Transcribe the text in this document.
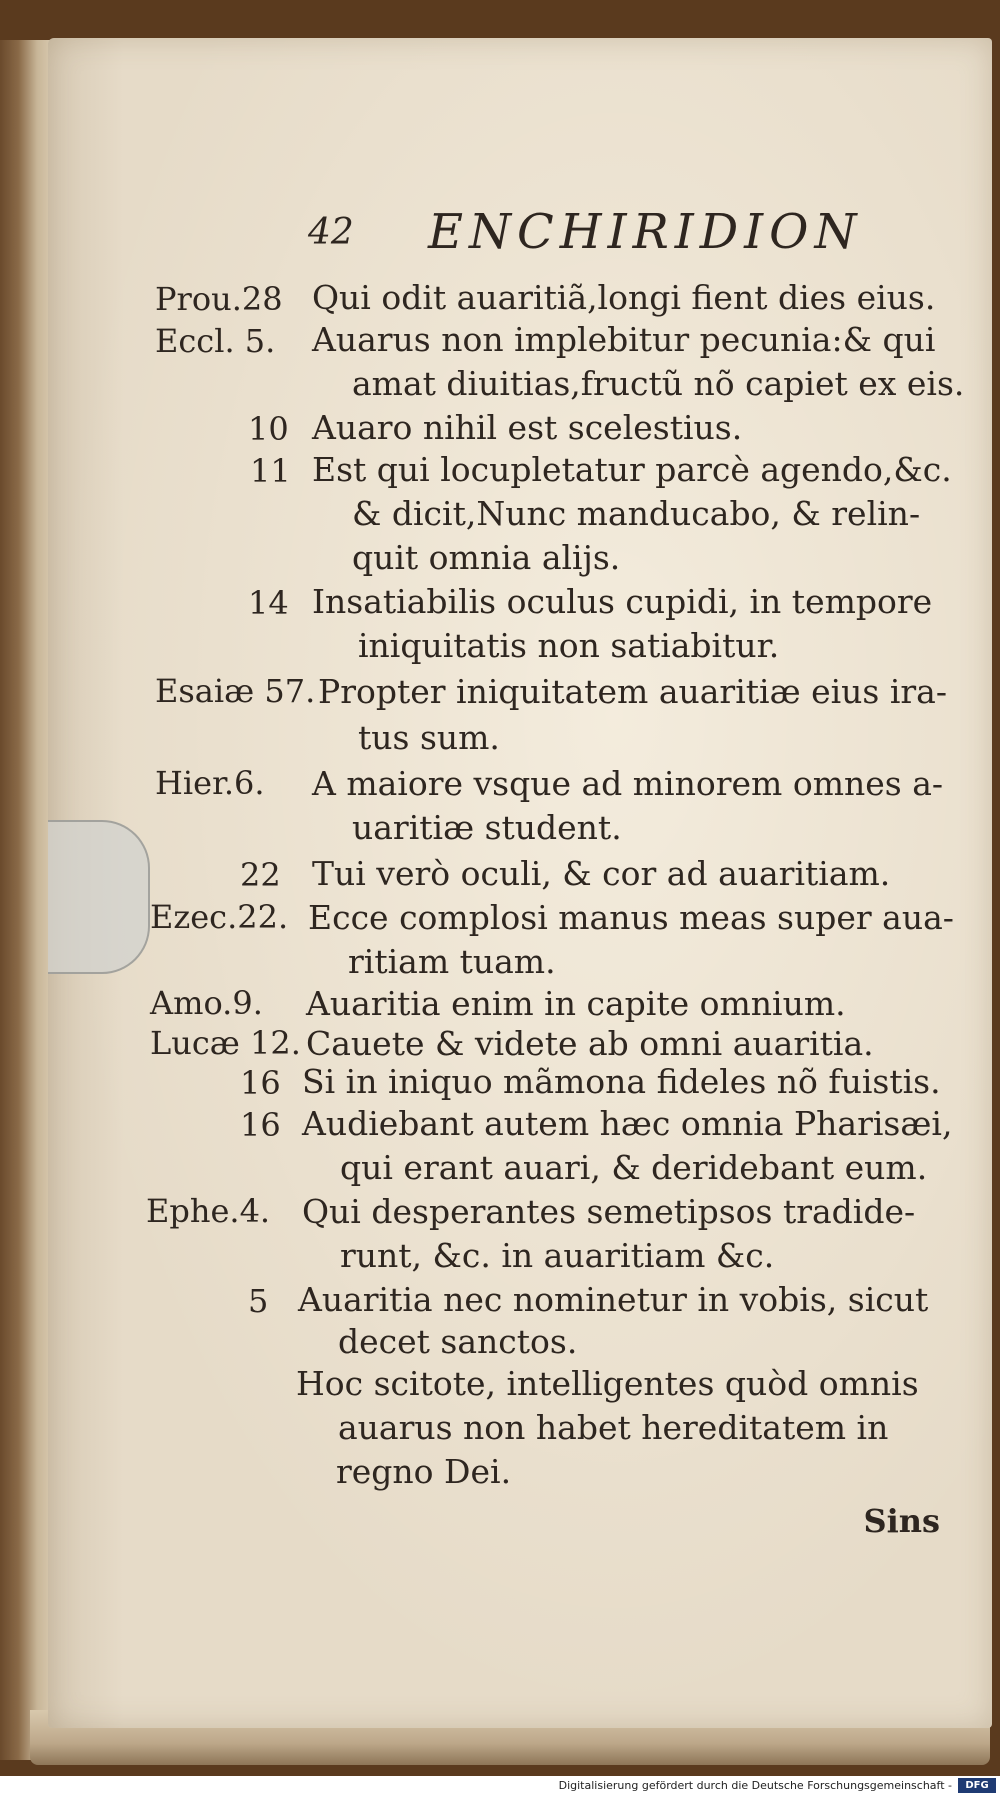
42 ENCHIRIDION
Prou.28 Qui odit auaritiã,longi fient dies eius.
Eccl. 5. Auarus non implebitur pecunia:& qui
amat diuitias,fructũ nõ capiet ex eis.
10 Auaro nihil est scelestius.
11 Est qui locupletatur parcè agendo,&c.
& dicit,Nunc manducabo, & relin-
quit omnia alijs.
14 Insatiabilis oculus cupidi, in tempore
iniquitatis non satiabitur.
Esaiæ 57. Propter iniquitatem auaritiæ eius ira-
tus sum.
Hier.6. A maiore vsque ad minorem omnes a-
uaritiæ student.
22 Tui verò oculi, & cor ad auaritiam.
Ezec.22. Ecce complosi manus meas super aua-
ritiam tuam.
Amo.9. Auaritia enim in capite omnium.
Lucæ 12. Cauete & videte ab omni auaritia.
16 Si in iniquo mãmona fideles nõ fuistis.
16 Audiebant autem hæc omnia Pharisæi,
qui erant auari, & deridebant eum.
Ephe.4. Qui desperantes semetipsos tradide-
runt, &c. in auaritiam &c.
5 Auaritia nec nominetur in vobis, sicut
decet sanctos.
Hoc scitote, intelligentes quòd omnis
auarus non habet hereditatem in
regno Dei.
Sins
Digitalisierung gefördert durch die Deutsche Forschungsgemeinschaft -	DFG
